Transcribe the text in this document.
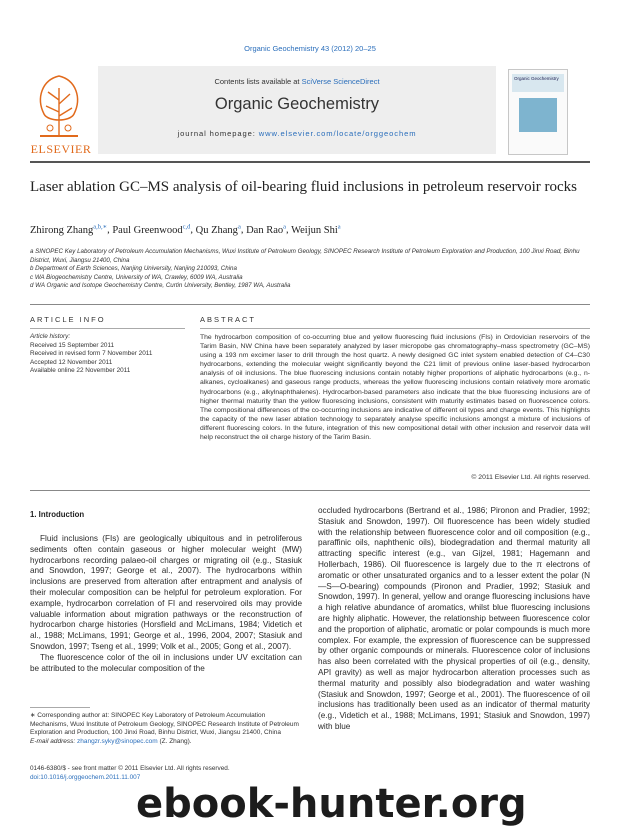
Organic Geochemistry 43 (2012) 20–25
ELSEVIER
Contents lists available at SciVerse ScienceDirect
Organic Geochemistry
journal homepage: www.elsevier.com/locate/orggeochem
Organic Geochemistry
Laser ablation GC–MS analysis of oil-bearing fluid inclusions in petroleum reservoir rocks
Zhirong Zhang$^{a,b,∗}$, Paul Greenwood$^{c,d}$, Qu Zhang$^a$, Dan Rao$^a$, Weijun Shi$^a$
a SINOPEC Key Laboratory of Petroleum Accumulation Mechanisms, Wuxi Institute of Petroleum Geology, SINOPEC Research Institute of Petroleum Exploration and Production, 100 Jinxi Road, Binhu District, Wuxi, Jiangsu 21400, China
b Department of Earth Sciences, Nanjing University, Nanjing 210093, China
c WA Biogeochemistry Centre, University of WA, Crawley, 6009 WA, Australia
d WA Organic and Isotope Geochemistry Centre, Curtin University, Bentley, 1987 WA, Australia
ARTICLE INFO
Article history:
Received 15 September 2011
Received in revised form 7 November 2011
Accepted 12 November 2011
Available online 22 November 2011
ABSTRACT
The hydrocarbon composition of co-occurring blue and yellow fluorescing fluid inclusions (FIs) in Ordovician reservoirs of the Tarim Basin, NW China have been separately analyzed by laser micropobe gas chromatography–mass spectrometry (GC–MS) using a 193 nm excimer laser to drill through the host quartz. A newly designed GC inlet system enabled detection of C4–C30 hydrocarbons, extending the molecular weight significantly beyond the C21 limit of previous online laser-based hydrocarbon analysis of oil inclusions. The blue fluorescing inclusions contain notably higher proportions of aliphatic hydrocarbons (e.g., n-alkanes, cycloalkanes) and gaseous range products, whereas the yellow fluorescing inclusions contain relatively more aromatic hydrocarbons (e.g., alkylnaphthalenes). Hydrocarbon-based parameters also indicate that the blue fluorescing inclusions are of higher thermal maturity than the yellow fluorescing inclusions, consistent with maturity estimates based on fluorescence colors. The compositional differences of the co-occurring inclusions are indicative of different oil types and charge events. This highlights the capacity of the new laser ablation technology to separately analyse specific inclusions amongst a mixture of inclusions of different fluorescing colors. In the future, integration of this new compositional detail with other inclusion and reservoir data will help reconstruct the oil charge history of the Tarim Basin.
© 2011 Elsevier Ltd. All rights reserved.
1. Introduction

Fluid inclusions (FIs) are geologically ubiquitous and in petroliferous sediments often contain gaseous or higher molecular weight (MW) hydrocarbons recording palaeo-oil charges or migrating oil (e.g., Stasiuk and Snowdon, 1997; George et al., 2007). The hydrocarbons within inclusions are preserved from alteration after entrapment and analysis of their molecular composition can be helpful for petroleum exploration. For example, hydrocarbon correlation of FI and reservoired oils may provide valuable information about migration pathways or the reconstruction of hydrocarbon charge histories (Horsfield and McLimans, 1984; Videtich et al., 1988; McLimans, 1991; George et al., 1996, 2004, 2007; Stasiuk and Snowdon, 1997; Tseng et al., 1999; Volk et al., 2005; Gong et al., 2007).

The fluorescence color of the oil in inclusions under UV excitation can be attributed to the molecular composition of the

occluded hydrocarbons (Bertrand et al., 1986; Pironon and Pradier, 1992; Stasiuk and Snowdon, 1997). Oil fluorescence has been widely studied with the relationship between fluorescence color and oil composition (e.g., paraffinic oils, naphthenic oils), biodegradation and thermal maturity all attracting specific interest (e.g., van Gijzel, 1981; Hagemann and Hollerbach, 1986). Oil fluorescence is largely due to the π electrons of aromatic or other unsaturated organics and to a lesser extent the polar (N—S—O-bearing) compounds (Pironon and Pradier, 1992; Stasiuk and Snowdon, 1997). In general, yellow and orange fluorescing inclusions have a high relative abundance of aromatics, whilst blue fluorescing inclusions are highly aliphatic. However, the relationship between fluorescence color and the proportion of aliphatic, aromatic or polar compounds is much more complex. For example, the expression of fluorescence can be suppressed by other organic compounds or minerals. Fluorescence color of inclusions has also been correlated with the physical properties of oil (e.g., density, API gravity) as well as major hydrocarbon alteration processes such as thermal maturity and possibly also biodegradation and water washing (Stasiuk and Snowdon, 1997; George et al., 2001). The fluorescence of oil inclusions has traditionally been used as an indicator of thermal maturity (e.g., Videtich et al., 1988; McLimans, 1991; Stasiuk and Snowdon, 1997) with blue

∗ Corresponding author at: SINOPEC Key Laboratory of Petroleum Accumulation Mechanisms, Wuxi Institute of Petroleum Geology, SINOPEC Research Institute of Petroleum Exploration and Production, 100 Jinxi Road, Binhu District, Wuxi, Jiangsu 21400, China
E-mail address: zhangzr.syky@sinopec.com (Z. Zhang).
0146-6380/$ - see front matter © 2011 Elsevier Ltd. All rights reserved.
doi:10.1016/j.orggeochem.2011.11.007
ebook-hunter.org
